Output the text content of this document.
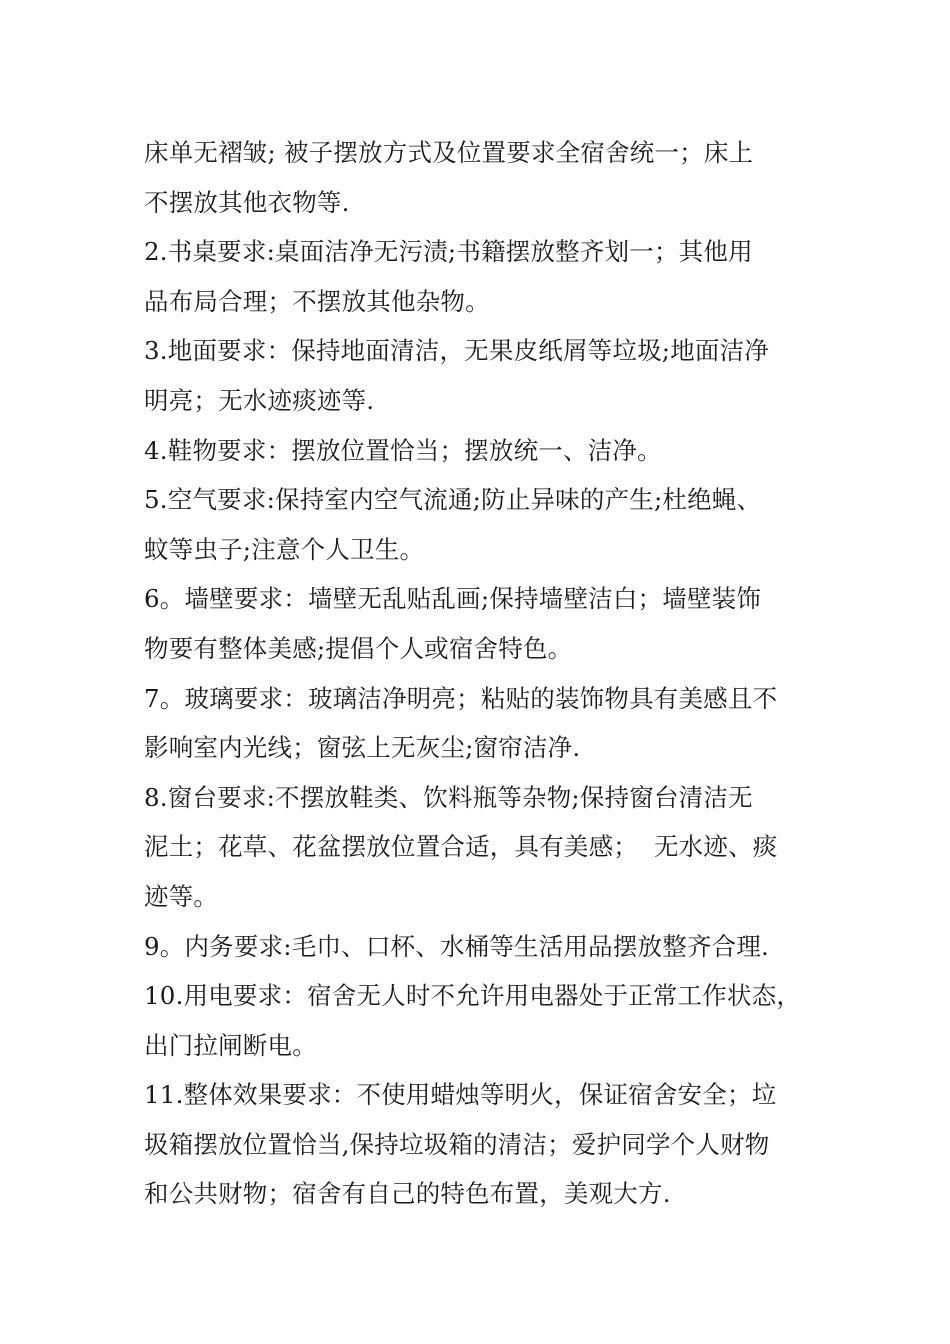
床单无褶皱; 被子摆放方式及位置要求全宿舍统一；床上
不摆放其他衣物等.
2.书桌要求:桌面洁净无污渍;书籍摆放整齐划一；其他用
品布局合理；不摆放其他杂物。
3.地面要求：保持地面清洁，无果皮纸屑等垃圾;地面洁净
明亮；无水迹痰迹等.
4.鞋物要求：摆放位置恰当；摆放统一、洁净。
5.空气要求:保持室内空气流通;防止异味的产生;杜绝蝇、
蚊等虫子;注意个人卫生。
6。墙壁要求：墙壁无乱贴乱画;保持墙壁洁白；墙壁装饰
物要有整体美感;提倡个人或宿舍特色。
7。玻璃要求：玻璃洁净明亮；粘贴的装饰物具有美感且不
影响室内光线；窗弦上无灰尘;窗帘洁净.
8.窗台要求:不摆放鞋类、饮料瓶等杂物;保持窗台清洁无
泥土；花草、花盆摆放位置合适，具有美感；  无水迹、痰
迹等。
9。内务要求:毛巾、口杯、水桶等生活用品摆放整齐合理.
10.用电要求：宿舍无人时不允许用电器处于正常工作状态，
出门拉闸断电。
11.整体效果要求：不使用蜡烛等明火，保证宿舍安全；垃
圾箱摆放位置恰当,保持垃圾箱的清洁；爱护同学个人财物
和公共财物；宿舍有自己的特色布置，美观大方.
